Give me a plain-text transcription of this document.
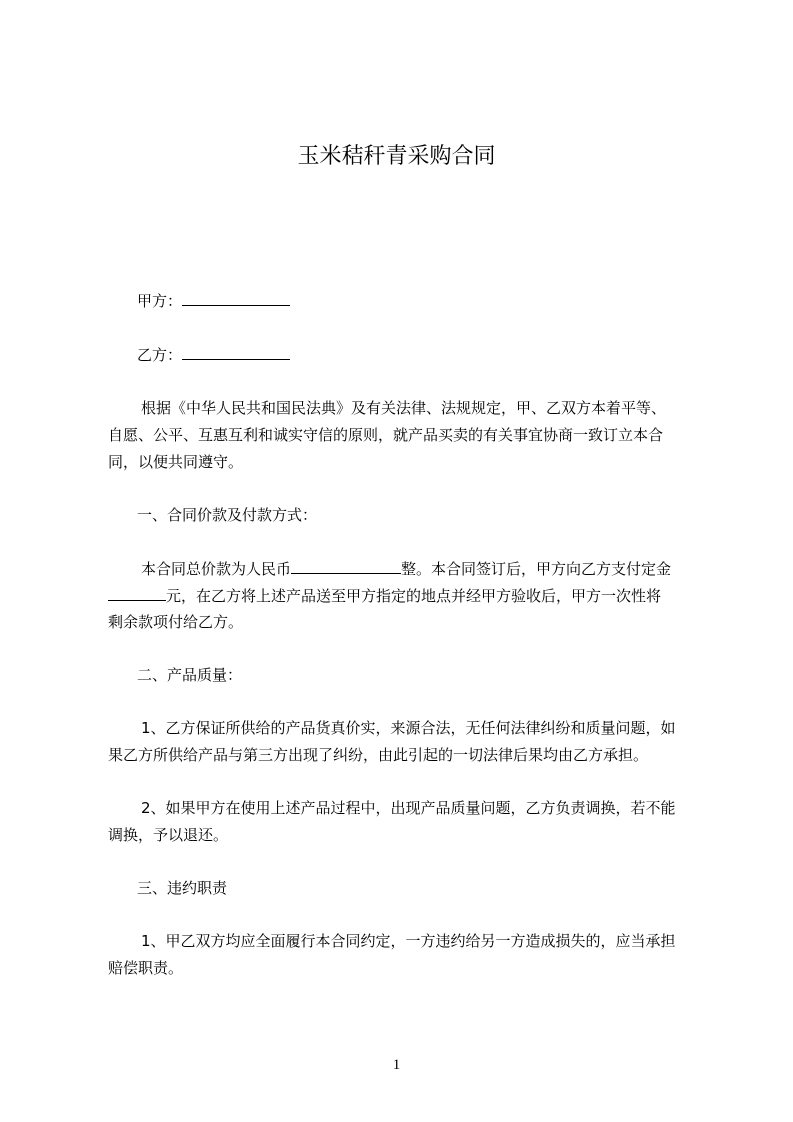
玉米秸秆青采购合同
甲方：
乙方：
根据《中华人民共和国民法典》及有关法律、法规规定，甲、乙双方本着平等、
自愿、公平、互惠互利和诚实守信的原则，就产品买卖的有关事宜协商一致订立本合
同，以便共同遵守。
一、合同价款及付款方式：
本合同总价款为人民币	整。本合同签订后，甲方向乙方支付定金
元，在乙方将上述产品送至甲方指定的地点并经甲方验收后，甲方一次性将
剩余款项付给乙方。
二、产品质量：
1、乙方保证所供给的产品货真价实，来源合法，无任何法律纠纷和质量问题，如
果乙方所供给产品与第三方出现了纠纷，由此引起的一切法律后果均由乙方承担。
2、如果甲方在使用上述产品过程中，出现产品质量问题，乙方负责调换，若不能
调换，予以退还。
三、违约职责
1、甲乙双方均应全面履行本合同约定，一方违约给另一方造成损失的，应当承担
赔偿职责。
1
